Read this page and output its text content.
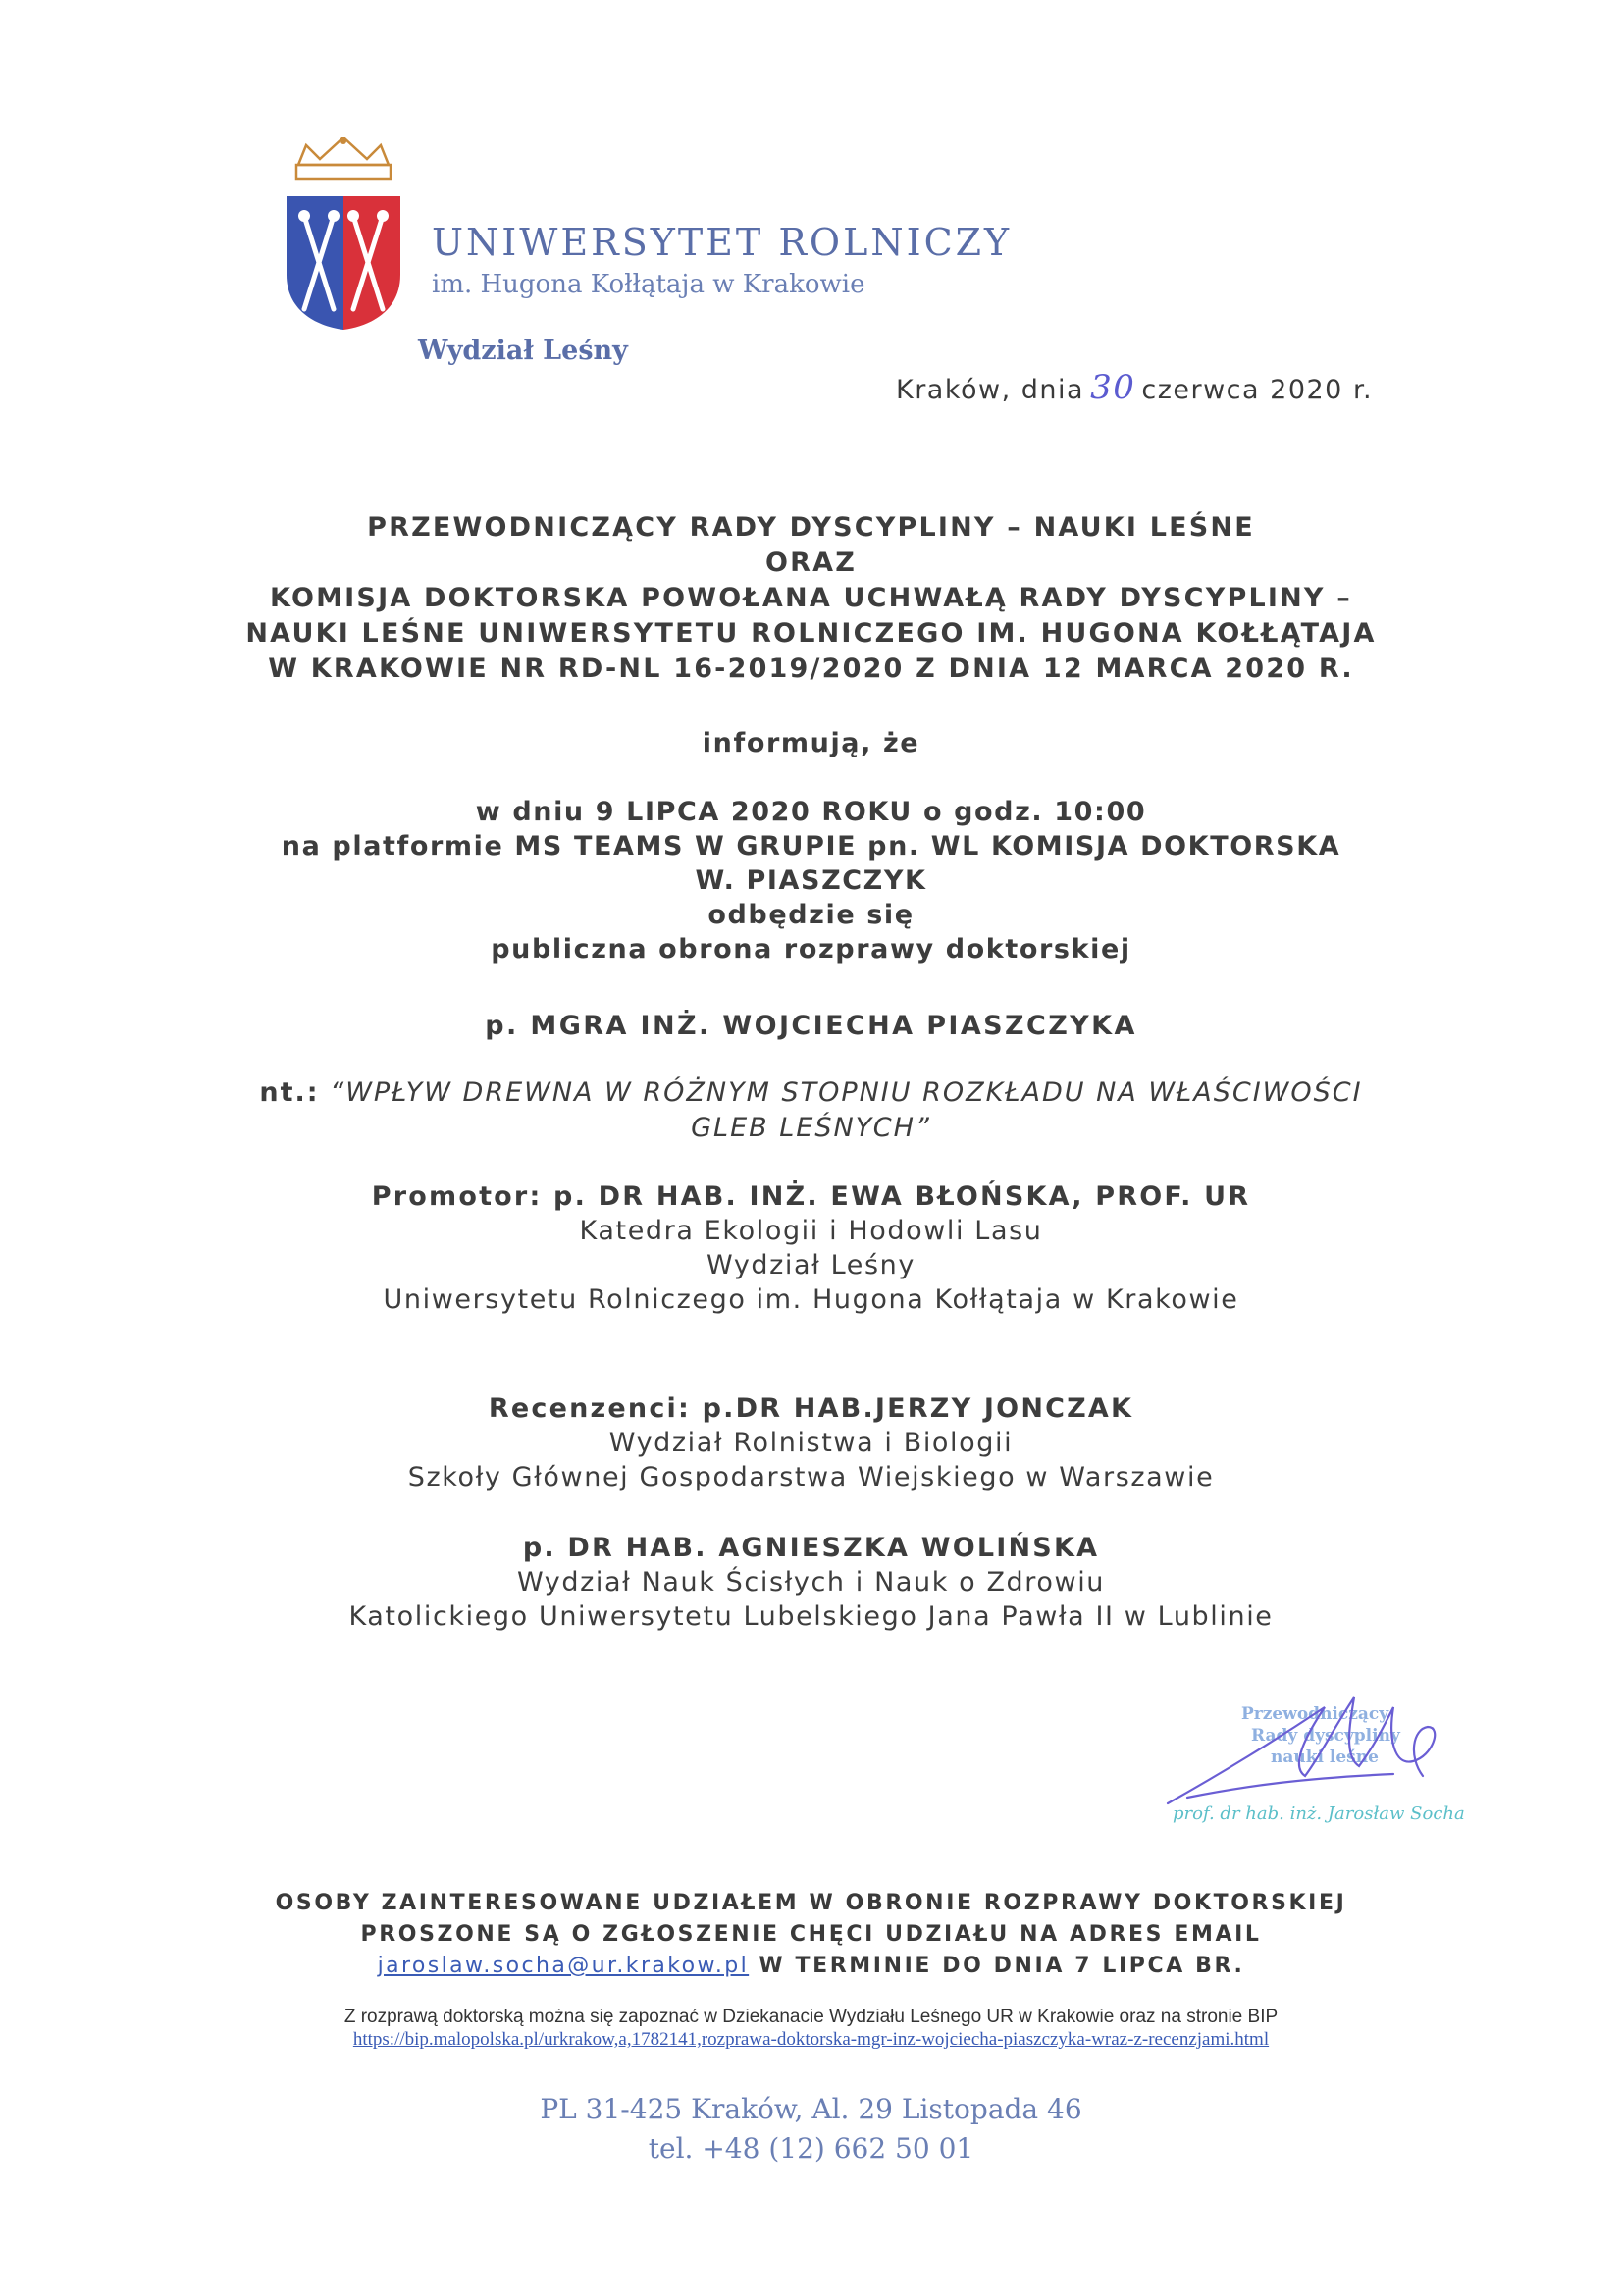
UNIWERSYTET ROLNICZY
im. Hugona Kołłątaja w Krakowie
Wydział Leśny
Kraków, dnia 30 czerwca 2020 r.
PRZEWODNICZĄCY RADY DYSCYPLINY – NAUKI LEŚNE
ORAZ
KOMISJA DOKTORSKA POWOŁANA UCHWAŁĄ RADY DYSCYPLINY –
NAUKI LEŚNE UNIWERSYTETU ROLNICZEGO IM. HUGONA KOŁŁĄTAJA
W KRAKOWIE NR RD-NL 16-2019/2020 Z DNIA 12 MARCA 2020 R.
informują, że
w dniu 9 LIPCA 2020 ROKU o godz. 10:00
na platformie MS TEAMS W GRUPIE pn. WL KOMISJA DOKTORSKA
W. PIASZCZYK
odbędzie się
publiczna obrona rozprawy doktorskiej
p. MGRA INŻ. WOJCIECHA PIASZCZYKA
nt.: “WPŁYW DREWNA W RÓŻNYM STOPNIU ROZKŁADU NA WŁAŚCIWOŚCI
GLEB LEŚNYCH”
Promotor: p. DR HAB. INŻ. EWA BŁOŃSKA, PROF. UR
Katedra Ekologii i Hodowli Lasu
Wydział Leśny
Uniwersytetu Rolniczego im. Hugona Kołłątaja w Krakowie
Recenzenci: p.DR HAB.JERZY JONCZAK
Wydział Rolnistwa i Biologii
Szkoły Głównej Gospodarstwa Wiejskiego w Warszawie
p. DR HAB. AGNIESZKA WOLIŃSKA
Wydział Nauk Ścisłych i Nauk o Zdrowiu
Katolickiego Uniwersytetu Lubelskiego Jana Pawła II w Lublinie
Przewodniczący
Rady dyscypliny
nauki leśne
prof. dr hab. inż. Jarosław Socha
OSOBY ZAINTERESOWANE UDZIAŁEM W OBRONIE ROZPRAWY DOKTORSKIEJ
PROSZONE SĄ O ZGŁOSZENIE CHĘCI UDZIAŁU NA ADRES EMAIL
jaroslaw.socha@ur.krakow.pl W TERMINIE DO DNIA 7 LIPCA BR.
Z rozprawą doktorską można się zapoznać w Dziekanacie Wydziału Leśnego UR w Krakowie oraz na stronie BIP
https://bip.malopolska.pl/urkrakow,a,1782141,rozprawa-doktorska-mgr-inz-wojciecha-piaszczyka-wraz-z-recenzjami.html
PL 31-425 Kraków, Al. 29 Listopada 46
tel. +48 (12) 662 50 01
